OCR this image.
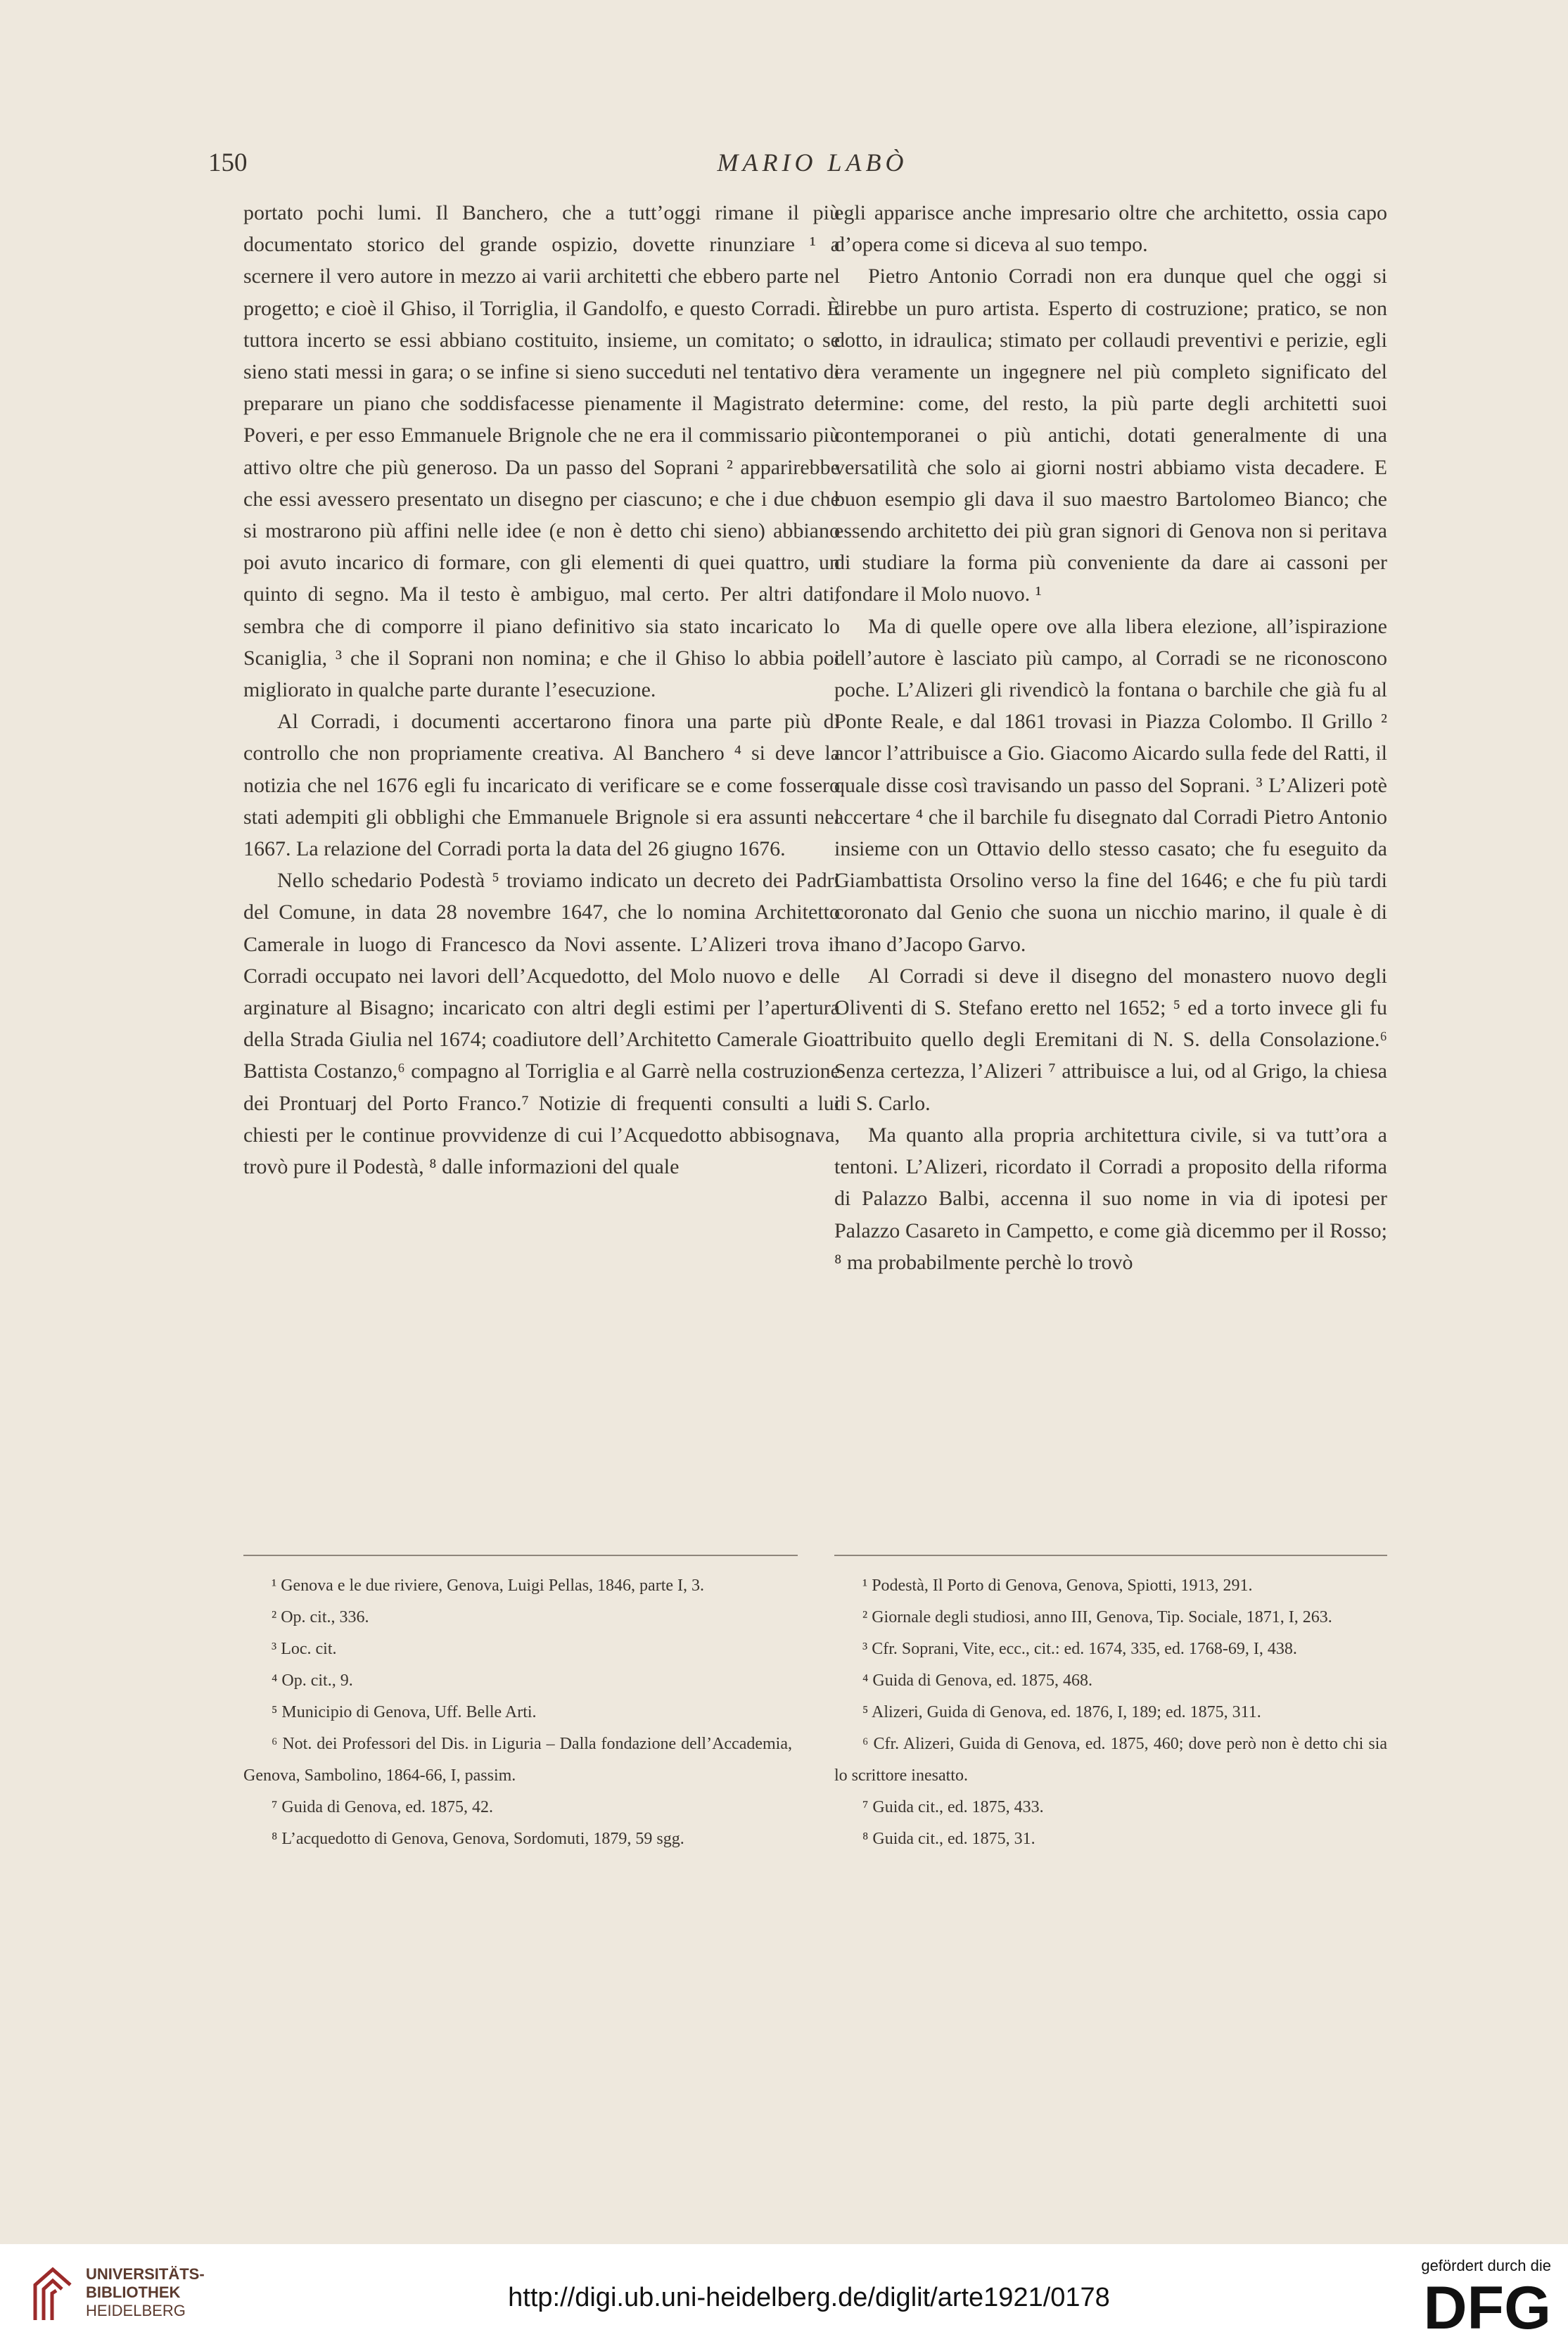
150	MARIO LABÒ

portato pochi lumi. Il Banchero, che a tutt’oggi rimane il più documentato storico del grande ospizio, dovette rinunziare ¹ a scernere il vero autore in mezzo ai varii architetti che ebbero parte nel progetto; e cioè il Ghiso, il Torriglia, il Gandolfo, e questo Corradi. È tuttora incerto se essi abbiano costituito, insieme, un comitato; o se sieno stati messi in gara; o se infine si sieno succeduti nel tentativo di preparare un piano che soddisfacesse pienamente il Magistrato dei Poveri, e per esso Emmanuele Brignole che ne era il commissario più attivo oltre che più generoso. Da un passo del Soprani ² apparirebbe che essi avessero presentato un disegno per ciascuno; e che i due che si mostrarono più affini nelle idee (e non è detto chi sieno) abbiano poi avuto incarico di formare, con gli elementi di quei quattro, un quinto di segno. Ma il testo è ambiguo, mal certo. Per altri dati, sembra che di comporre il piano definitivo sia stato incaricato lo Scaniglia, ³ che il Soprani non nomina; e che il Ghiso lo abbia poi migliorato in qualche parte durante l’esecuzione.

Al Corradi, i documenti accertarono finora una parte più di controllo che non propriamente creativa. Al Banchero ⁴ si deve la notizia che nel 1676 egli fu incaricato di verificare se e come fossero stati adempiti gli obblighi che Emmanuele Brignole si era assunti nel 1667. La relazione del Corradi porta la data del 26 giugno 1676.

Nello schedario Podestà ⁵ troviamo indicato un decreto dei Padri del Comune, in data 28 novembre 1647, che lo nomina Architetto Camerale in luogo di Francesco da Novi assente. L’Alizeri trova il Corradi occupato nei lavori dell’Acquedotto, del Molo nuovo e delle arginature al Bisagno; incaricato con altri degli estimi per l’apertura della Strada Giulia nel 1674; coadiutore dell’Architetto Camerale Gio. Battista Costanzo,⁶ compagno al Torriglia e al Garrè nella costruzione dei Prontuarj del Porto Franco.⁷ Notizie di frequenti consulti a lui chiesti per le continue provvidenze di cui l’Acquedotto abbisognava, trovò pure il Podestà, ⁸ dalle informazioni del quale

egli apparisce anche impresario oltre che architetto, ossia capo d’opera come si diceva al suo tempo.

Pietro Antonio Corradi non era dunque quel che oggi si direbbe un puro artista. Esperto di costruzione; pratico, se non dotto, in idraulica; stimato per collaudi preventivi e perizie, egli era veramente un ingegnere nel più completo significato del termine: come, del resto, la più parte degli architetti suoi contemporanei o più antichi, dotati generalmente di una versatilità che solo ai giorni nostri abbiamo vista decadere. E buon esempio gli dava il suo maestro Bartolomeo Bianco; che essendo architetto dei più gran signori di Genova non si peritava di studiare la forma più conveniente da dare ai cassoni per fondare il Molo nuovo. ¹

Ma di quelle opere ove alla libera elezione, all’ispirazione dell’autore è lasciato più campo, al Corradi se ne riconoscono poche. L’Alizeri gli rivendicò la fontana o barchile che già fu al Ponte Reale, e dal 1861 trovasi in Piazza Colombo. Il Grillo ² ancor l’attribuisce a Gio. Giacomo Aicardo sulla fede del Ratti, il quale disse così travisando un passo del Soprani. ³ L’Alizeri potè accertare ⁴ che il barchile fu disegnato dal Corradi Pietro Antonio insieme con un Ottavio dello stesso casato; che fu eseguito da Giambattista Orsolino verso la fine del 1646; e che fu più tardi coronato dal Genio che suona un nicchio marino, il quale è di mano d’Jacopo Garvo.

Al Corradi si deve il disegno del monastero nuovo degli Oliventi di S. Stefano eretto nel 1652; ⁵ ed a torto invece gli fu attribuito quello degli Eremitani di N. S. della Consolazione.⁶ Senza certezza, l’Alizeri ⁷ attribuisce a lui, od al Grigo, la chiesa di S. Carlo.

Ma quanto alla propria architettura civile, si va tutt’ora a tentoni. L’Alizeri, ricordato il Corradi a proposito della riforma di Palazzo Balbi, accenna il suo nome in via di ipotesi per Palazzo Casareto in Campetto, e come già dicemmo per il Rosso; ⁸ ma probabilmente perchè lo trovò

¹ Genova e le due riviere, Genova, Luigi Pellas, 1846, parte I, 3.
² Op. cit., 336.
³ Loc. cit.
⁴ Op. cit., 9.
⁵ Municipio di Genova, Uff. Belle Arti.
⁶ Not. dei Professori del Dis. in Liguria – Dalla fondazione dell’Accademia, Genova, Sambolino, 1864-66, I, passim.
⁷ Guida di Genova, ed. 1875, 42.
⁸ L’acquedotto di Genova, Genova, Sordomuti, 1879, 59 sgg.
¹ Podestà, Il Porto di Genova, Genova, Spiotti, 1913, 291.
² Giornale degli studiosi, anno III, Genova, Tip. Sociale, 1871, I, 263.
³ Cfr. Soprani, Vite, ecc., cit.: ed. 1674, 335, ed. 1768-69, I, 438.
⁴ Guida di Genova, ed. 1875, 468.
⁵ Alizeri, Guida di Genova, ed. 1876, I, 189; ed. 1875, 311.
⁶ Cfr. Alizeri, Guida di Genova, ed. 1875, 460; dove però non è detto chi sia lo scrittore inesatto.
⁷ Guida cit., ed. 1875, 433.
⁸ Guida cit., ed. 1875, 31.
UNIVERSITÄTS-
BIBLIOTHEK
HEIDELBERG	http://digi.ub.uni-heidelberg.de/diglit/arte1921/0178
gefördert durch die
DFG
